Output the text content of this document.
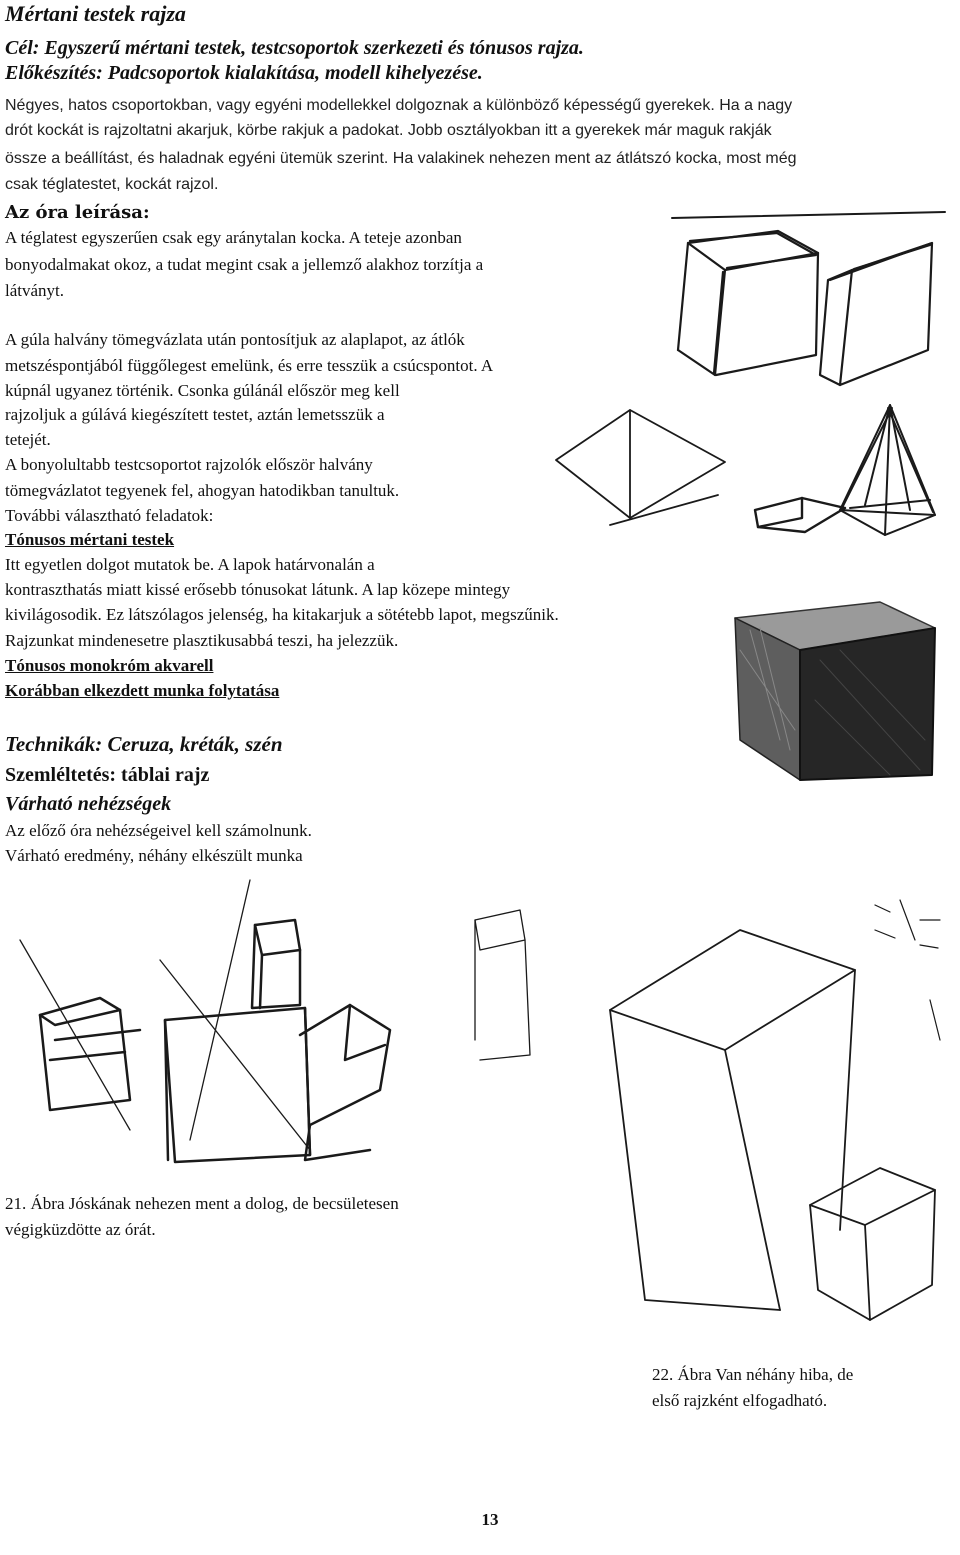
Mértani testek rajza
Cél: Egyszerű mértani testek, testcsoportok szerkezeti és tónusos rajza.
Előkészítés: Padcsoportok kialakítása, modell kihelyezése.
Négyes, hatos csoportokban, vagy egyéni modellekkel dolgoznak a különböző képességű gyerekek. Ha a nagy
drót kockát is rajzoltatni akarjuk, körbe rakjuk a padokat. Jobb osztályokban itt a gyerekek már maguk rakják
össze a beállítást, és haladnak egyéni ütemük szerint. Ha valakinek nehezen ment az átlátszó kocka, most még
csak téglatestet, kockát rajzol.
Az óra leírása:
A téglatest egyszerűen csak egy aránytalan kocka. A teteje azonban
bonyodalmakat okoz, a tudat megint csak a jellemző alakhoz torzítja a
látványt.
A gúla halvány tömegvázlata után pontosítjuk az alaplapot, az átlók
metszéspontjából függőlegest emelünk, és erre tesszük a csúcspontot. A
kúpnál ugyanez történik. Csonka gúlánál először meg kell
rajzoljuk a gúlává kiegészített testet, aztán lemetsszük a
tetejét.
A bonyolultabb testcsoportot rajzolók először halvány
tömegvázlatot tegyenek fel, ahogyan hatodikban tanultuk.
További választható feladatok:
Tónusos mértani testek
Itt egyetlen dolgot mutatok be. A lapok határvonalán a
kontraszthatás miatt kissé erősebb tónusokat látunk. A lap közepe mintegy
kivilágosodik. Ez látszólagos jelenség, ha kitakarjuk a sötétebb lapot, megszűnik.
Rajzunkat mindenesetre plasztikusabbá teszi, ha jelezzük.
Tónusos monokróm akvarell
Korábban elkezdett munka folytatása
Technikák: Ceruza, kréták, szén
Szemléltetés: táblai rajz
Várható nehézségek
Az előző óra nehézségeivel kell számolnunk.
Várható eredmény, néhány elkészült munka
21. Ábra Jóskának nehezen ment a dolog, de becsületesen
végigküzdötte az órát.
22. Ábra Van néhány hiba, de
első rajzként elfogadható.
13
